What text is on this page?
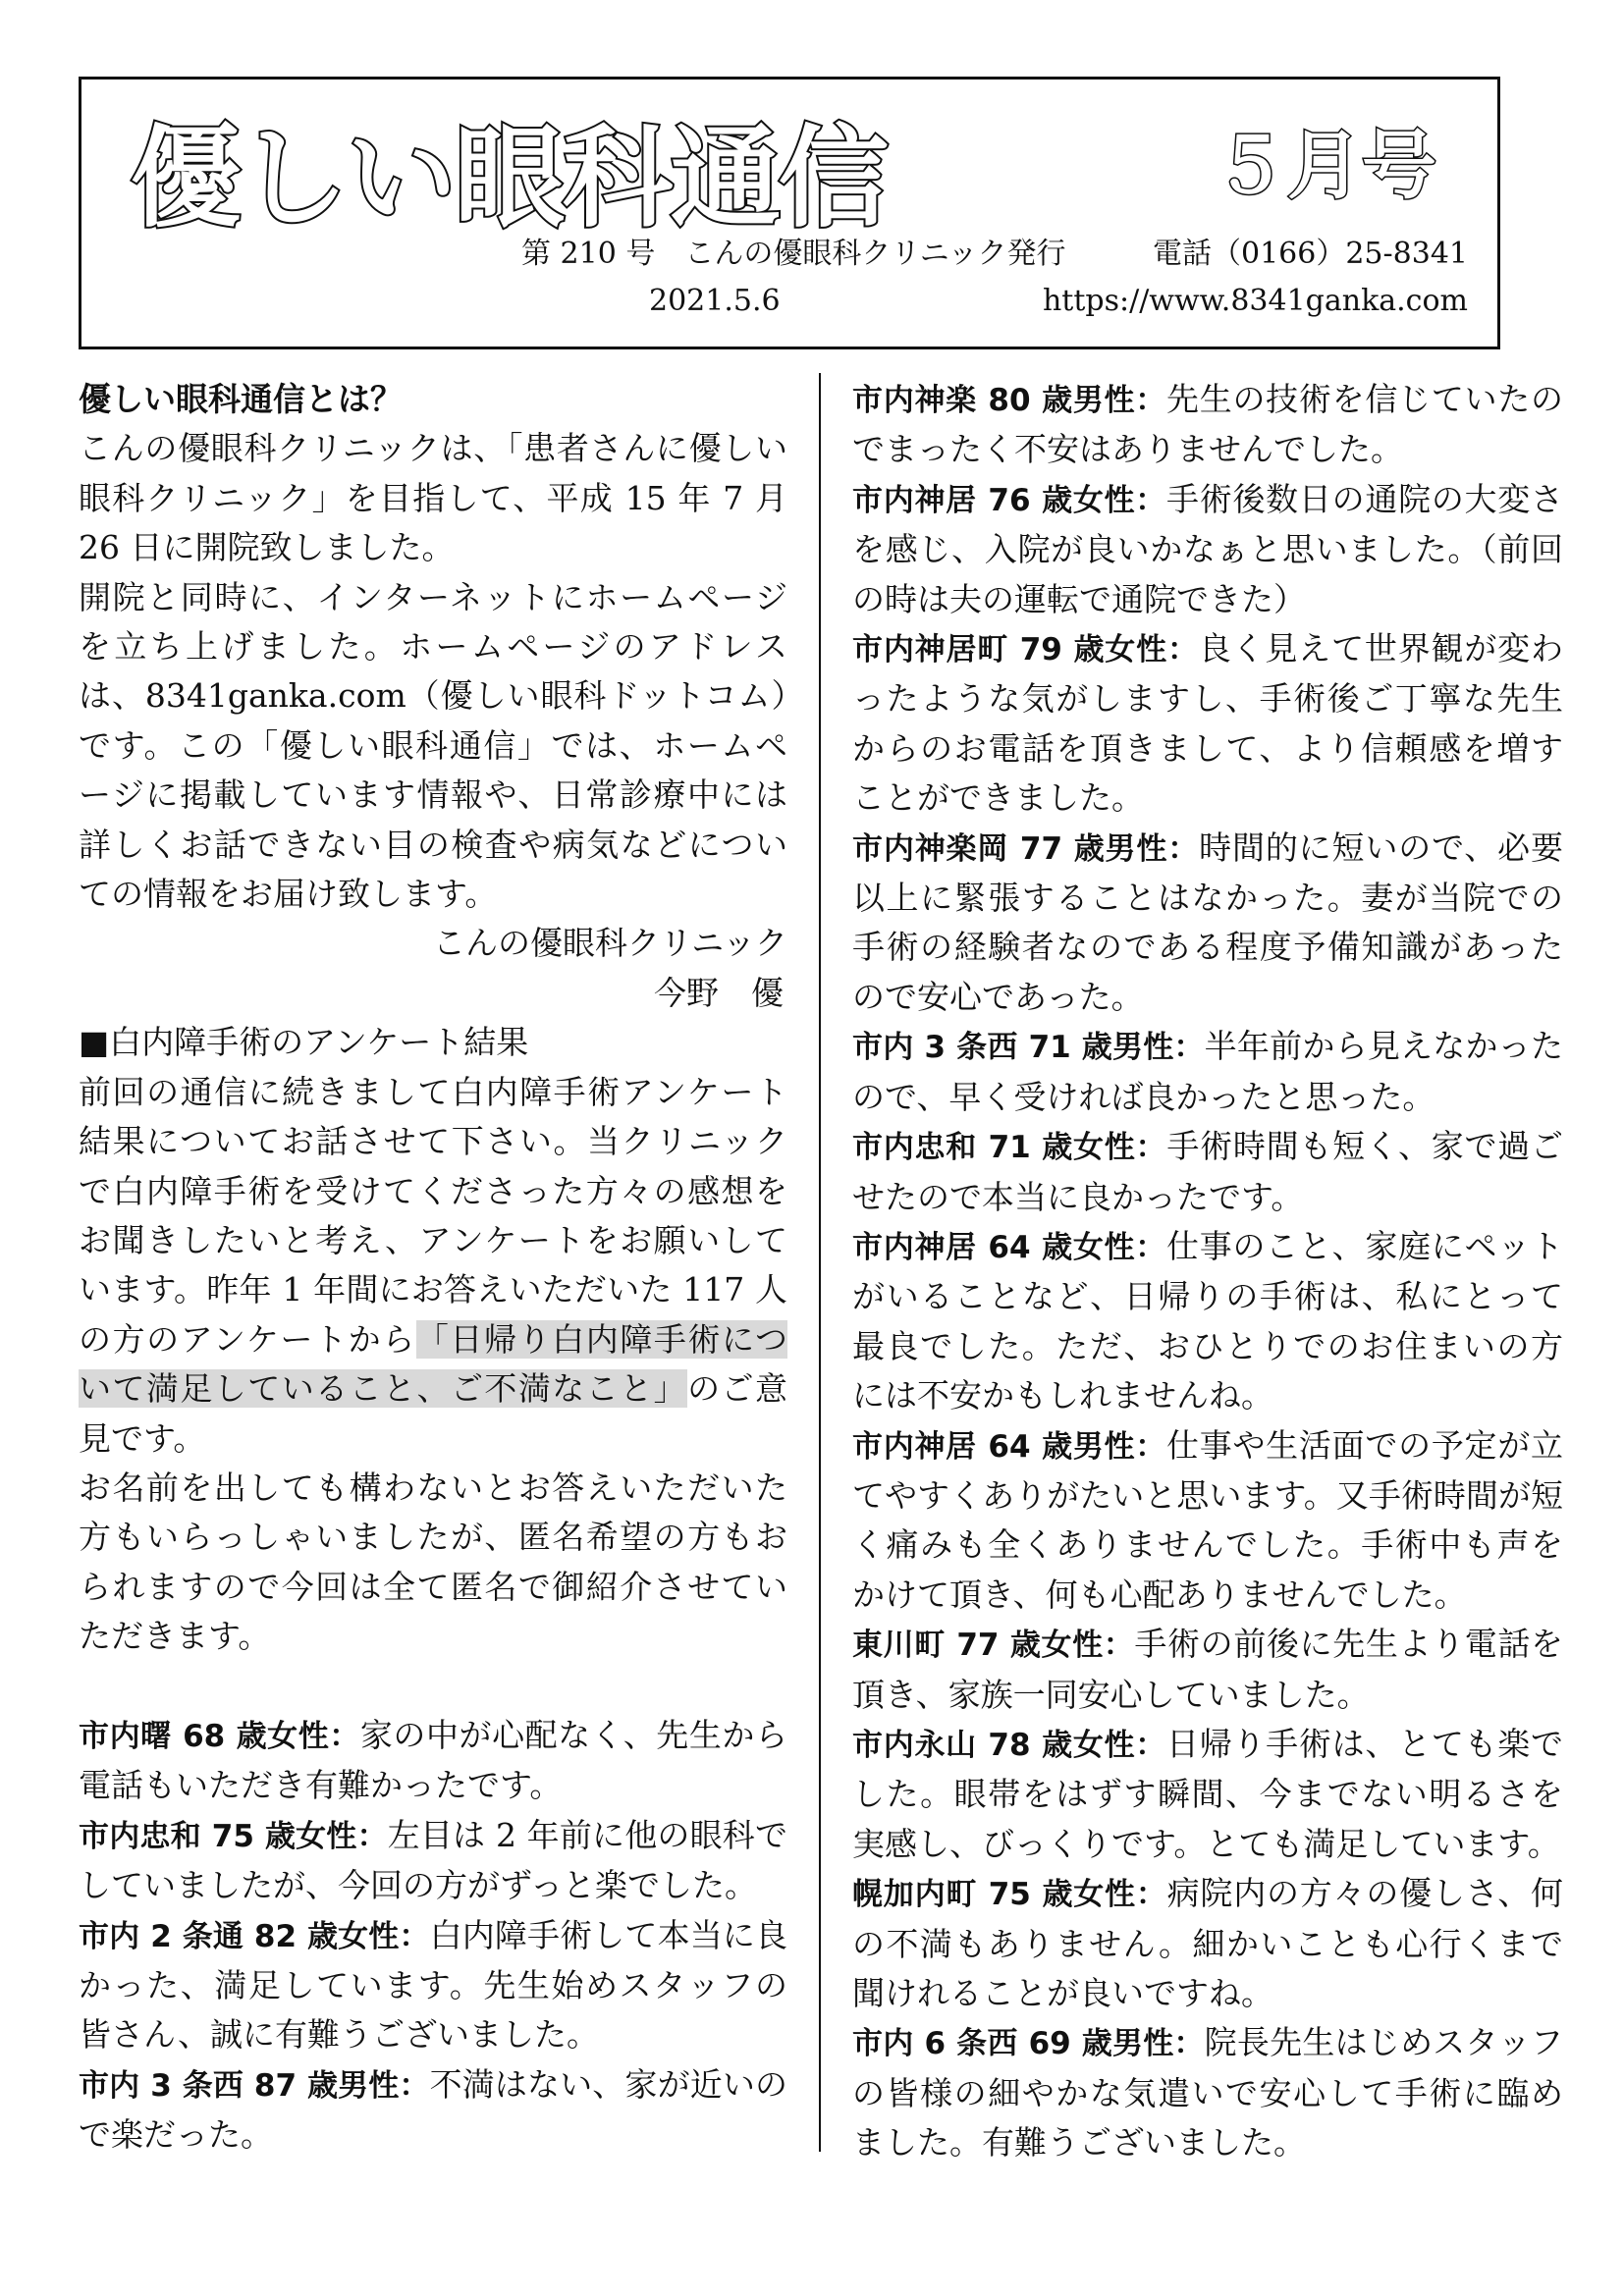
優しい眼科通信	５月号
第 210 号　こんの優眼科クリニック発行	電話（0166）25-8341
2021.5.6	https://www.8341ganka.com

優しい眼科通信とは？

こんの優眼科クリニックは、「患者さんに優しい眼科クリニック」を目指して、平成 15 年 7 月 26 日に開院致しました。

開院と同時に、インターネットにホームページを立ち上げました。ホームページのアドレスは、8341ganka.com（優しい眼科ドットコム）です。この「優しい眼科通信」では、ホームページに掲載しています情報や、日常診療中には詳しくお話できない目の検査や病気などについての情報をお届け致します。

こんの優眼科クリニック

今野　優

■白内障手術のアンケート結果

前回の通信に続きまして白内障手術アンケート結果についてお話させて下さい。当クリニックで白内障手術を受けてくださった方々の感想をお聞きしたいと考え、アンケートをお願いしています。昨年 1 年間にお答えいただいた 117 人の方のアンケートから「日帰り白内障手術について満足していること、ご不満なこと」のご意見です。

お名前を出しても構わないとお答えいただいた方もいらっしゃいましたが、匿名希望の方もおられますので今回は全て匿名で御紹介させていただきます。

市内曙 68 歳女性：家の中が心配なく、先生から電話もいただき有難かったです。

市内忠和 75 歳女性：左目は 2 年前に他の眼科でしていましたが、今回の方がずっと楽でした。

市内 2 条通 82 歳女性：白内障手術して本当に良かった、満足しています。先生始めスタッフの皆さん、誠に有難うございました。

市内 3 条西 87 歳男性：不満はない、家が近いので楽だった。

市内神楽 80 歳男性：先生の技術を信じていたのでまったく不安はありませんでした。

市内神居 76 歳女性：手術後数日の通院の大変さを感じ、入院が良いかなぁと思いました。（前回の時は夫の運転で通院できた）

市内神居町 79 歳女性：良く見えて世界観が変わったような気がしますし、手術後ご丁寧な先生からのお電話を頂きまして、より信頼感を増すことができました。

市内神楽岡 77 歳男性：時間的に短いので、必要以上に緊張することはなかった。妻が当院での手術の経験者なのである程度予備知識があったので安心であった。

市内 3 条西 71 歳男性：半年前から見えなかったので、早く受ければ良かったと思った。

市内忠和 71 歳女性：手術時間も短く、家で過ごせたので本当に良かったです。

市内神居 64 歳女性：仕事のこと、家庭にペットがいることなど、日帰りの手術は、私にとって最良でした。ただ、おひとりでのお住まいの方には不安かもしれませんね。

市内神居 64 歳男性：仕事や生活面での予定が立てやすくありがたいと思います。又手術時間が短く痛みも全くありませんでした。手術中も声をかけて頂き、何も心配ありませんでした。

東川町 77 歳女性：手術の前後に先生より電話を頂き、家族一同安心していました。

市内永山 78 歳女性：日帰り手術は、とても楽でした。眼帯をはずす瞬間、今までない明るさを実感し、びっくりです。とても満足しています。

幌加内町 75 歳女性：病院内の方々の優しさ、何の不満もありません。細かいことも心行くまで聞けれることが良いですね。

市内 6 条西 69 歳男性：院長先生はじめスタッフの皆様の細やかな気遣いで安心して手術に臨めました。有難うございました。
